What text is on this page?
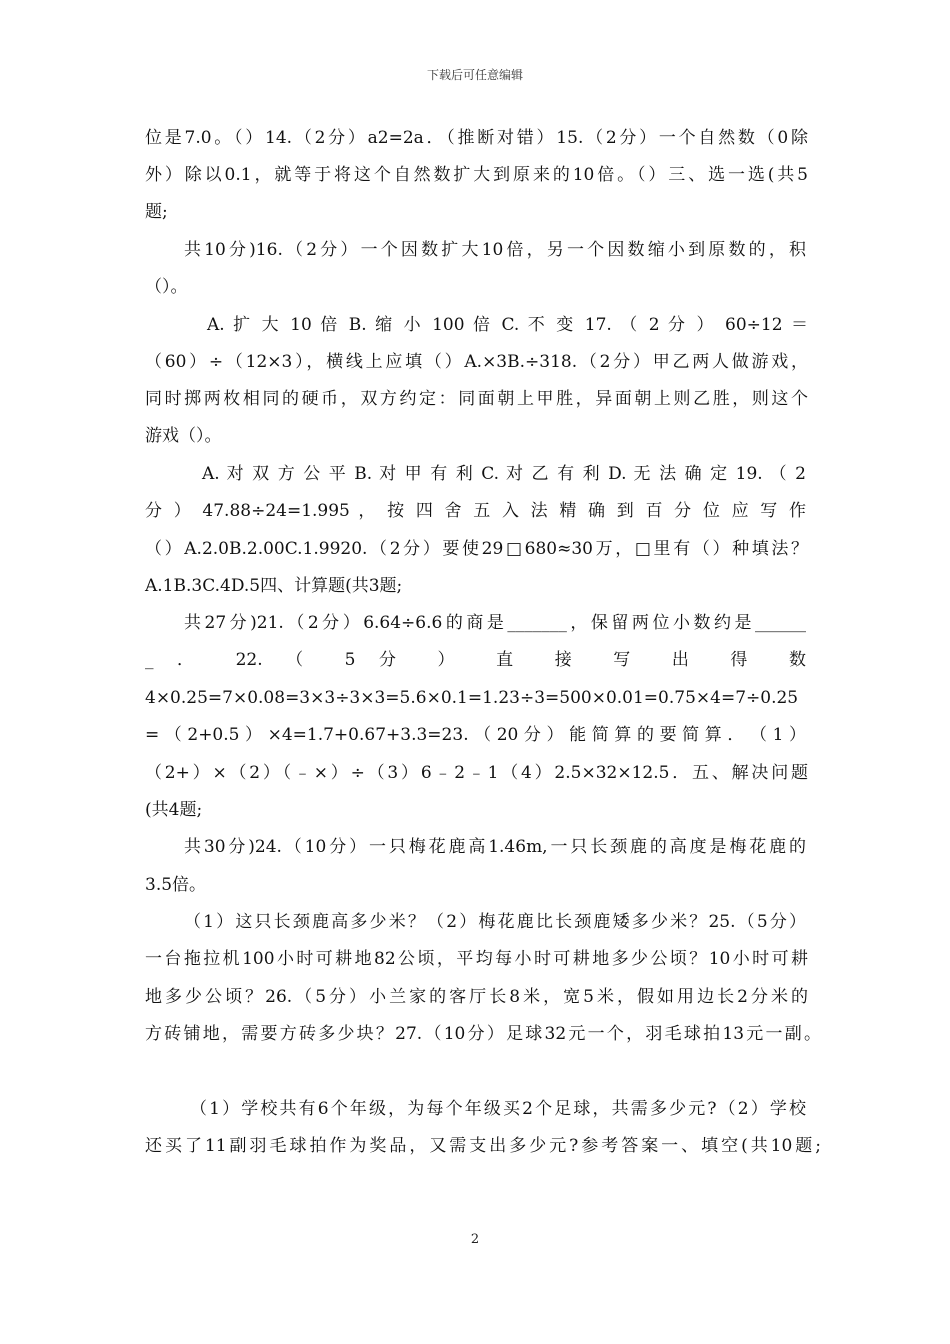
下载后可任意编辑
位是7.0。（）14.（2分）a2=2a．（推断对错）15.（2分）一个自然数（0除
外）除以0.1，就等于将这个自然数扩大到原来的10倍。（）三、选一选(共5
题;
共10分)16.（2分）一个因数扩大10倍，另一个因数缩小到原数的，积
（）。
A. 扩 大 10 倍 B. 缩 小 100 倍 C. 不 变 17. （ 2 分 ） 60÷12 ＝
（60）÷（12×3），横线上应填（）A.×3B.÷318.（2分）甲乙两人做游戏，
同时掷两枚相同的硬币，双方约定：同面朝上甲胜，异面朝上则乙胜，则这个
游戏（）。
A. 对 双 方 公 平 B. 对 甲 有 利 C. 对 乙 有 利 D. 无 法 确 定 19. （ 2
分 ） 47.88÷24=1.995 ， 按 四 舍 五 入 法 精 确 到 百 分 位 应 写 作
（）A.2.0B.2.00C.1.9920.（2分）要使29□680≈30万，□里有（）种填法？
A.1B.3C.4D.5四、计算题(共3题;
共27分)21.（2分）6.64÷6.6的商是_______，保留两位小数约是______
_ ． 22. （ 5 分 ） 直 接 写 出 得 数
4×0.25=7×0.08=3×3÷3×3=5.6×0.1=1.23÷3=500×0.01=0.75×4=7÷0.25
= （ 2+0.5 ） ×4=1.7+0.67+3.3=23. （ 20 分 ） 能 简 算 的 要 简 算 ． （ 1 ）
（2+）×（2）（﹣×）÷（3）6﹣2﹣1（4）2.5×32×12.5．五、解决问题
(共4题;
共30分)24.（10分）一只梅花鹿高1.46m,一只长颈鹿的高度是梅花鹿的
3.5倍。
（1）这只长颈鹿高多少米？（2）梅花鹿比长颈鹿矮多少米？25.（5分）
一台拖拉机100小时可耕地82公顷，平均每小时可耕地多少公顷？10小时可耕
地多少公顷？26.（5分）小兰家的客厅长8米，宽5米，假如用边长2分米的
方砖铺地，需要方砖多少块？27.（10分）足球32元一个，羽毛球拍13元一副。
（1）学校共有6个年级，为每个年级买2个足球，共需多少元?（2）学校
还买了11副羽毛球拍作为奖品，又需支出多少元?参考答案一、填空(共10题;
2
